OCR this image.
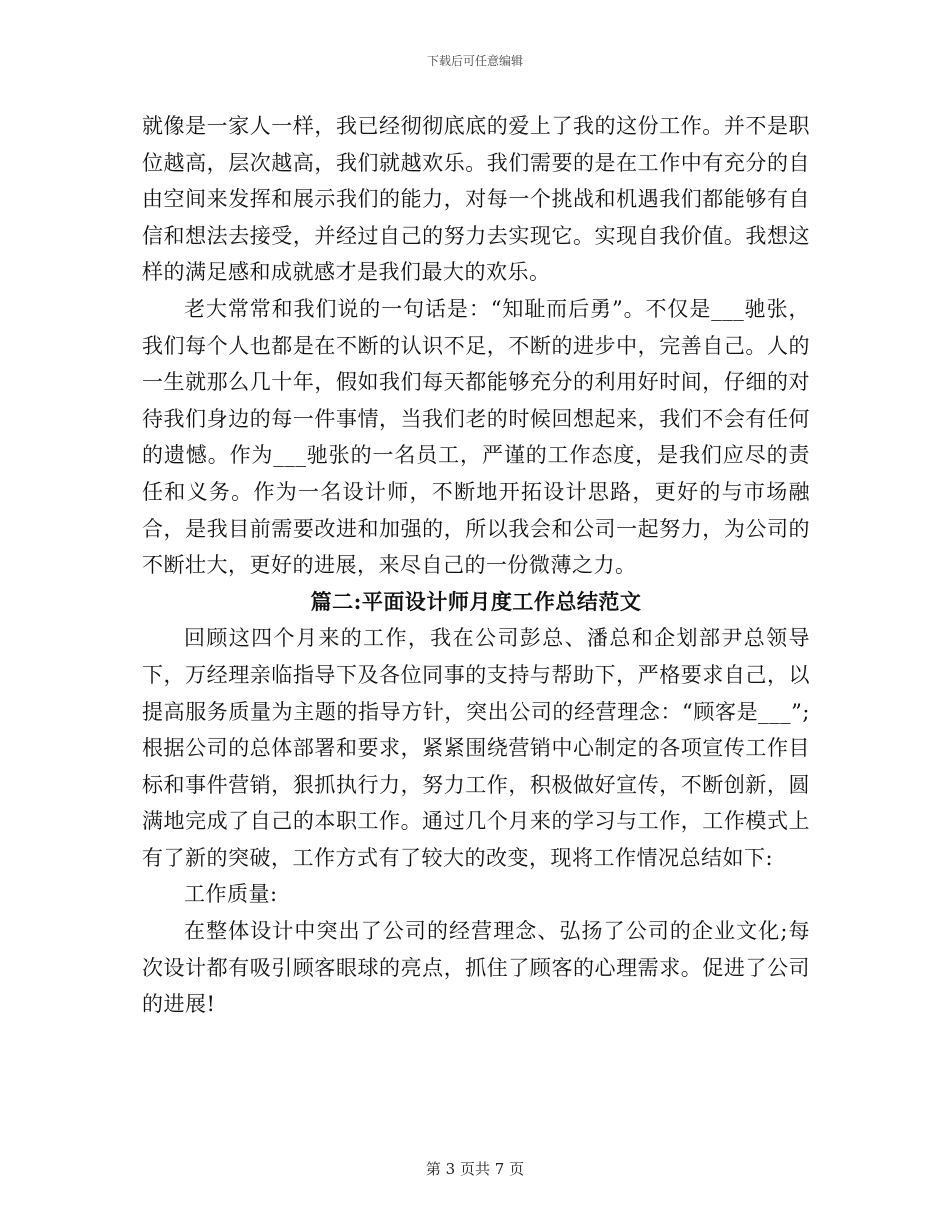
下载后可任意编辑

就像是一家人一样，我已经彻彻底底的爱上了我的这份工作。并不是职位越高，层次越高，我们就越欢乐。我们需要的是在工作中有充分的自由空间来发挥和展示我们的能力，对每一个挑战和机遇我们都能够有自信和想法去接受，并经过自己的努力去实现它。实现自我价值。我想这样的满足感和成就感才是我们最大的欢乐。

老大常常和我们说的一句话是：“知耻而后勇”。不仅是___驰张，我们每个人也都是在不断的认识不足，不断的进步中，完善自己。人的一生就那么几十年，假如我们每天都能够充分的利用好时间，仔细的对待我们身边的每一件事情，当我们老的时候回想起来，我们不会有任何的遗憾。作为___驰张的一名员工，严谨的工作态度，是我们应尽的责任和义务。作为一名设计师，不断地开拓设计思路，更好的与市场融合，是我目前需要改进和加强的，所以我会和公司一起努力，为公司的不断壮大，更好的进展，来尽自己的一份微薄之力。

篇二:平面设计师月度工作总结范文

回顾这四个月来的工作，我在公司彭总、潘总和企划部尹总领导下，万经理亲临指导下及各位同事的支持与帮助下，严格要求自己，以提高服务质量为主题的指导方针，突出公司的经营理念：“顾客是___”;根据公司的总体部署和要求，紧紧围绕营销中心制定的各项宣传工作目标和事件营销，狠抓执行力，努力工作，积极做好宣传，不断创新，圆满地完成了自己的本职工作。通过几个月来的学习与工作，工作模式上有了新的突破，工作方式有了较大的改变，现将工作情况总结如下:

工作质量:

在整体设计中突出了公司的经营理念、弘扬了公司的企业文化;每次设计都有吸引顾客眼球的亮点，抓住了顾客的心理需求。促进了公司的进展!

第 3 页共 7 页
